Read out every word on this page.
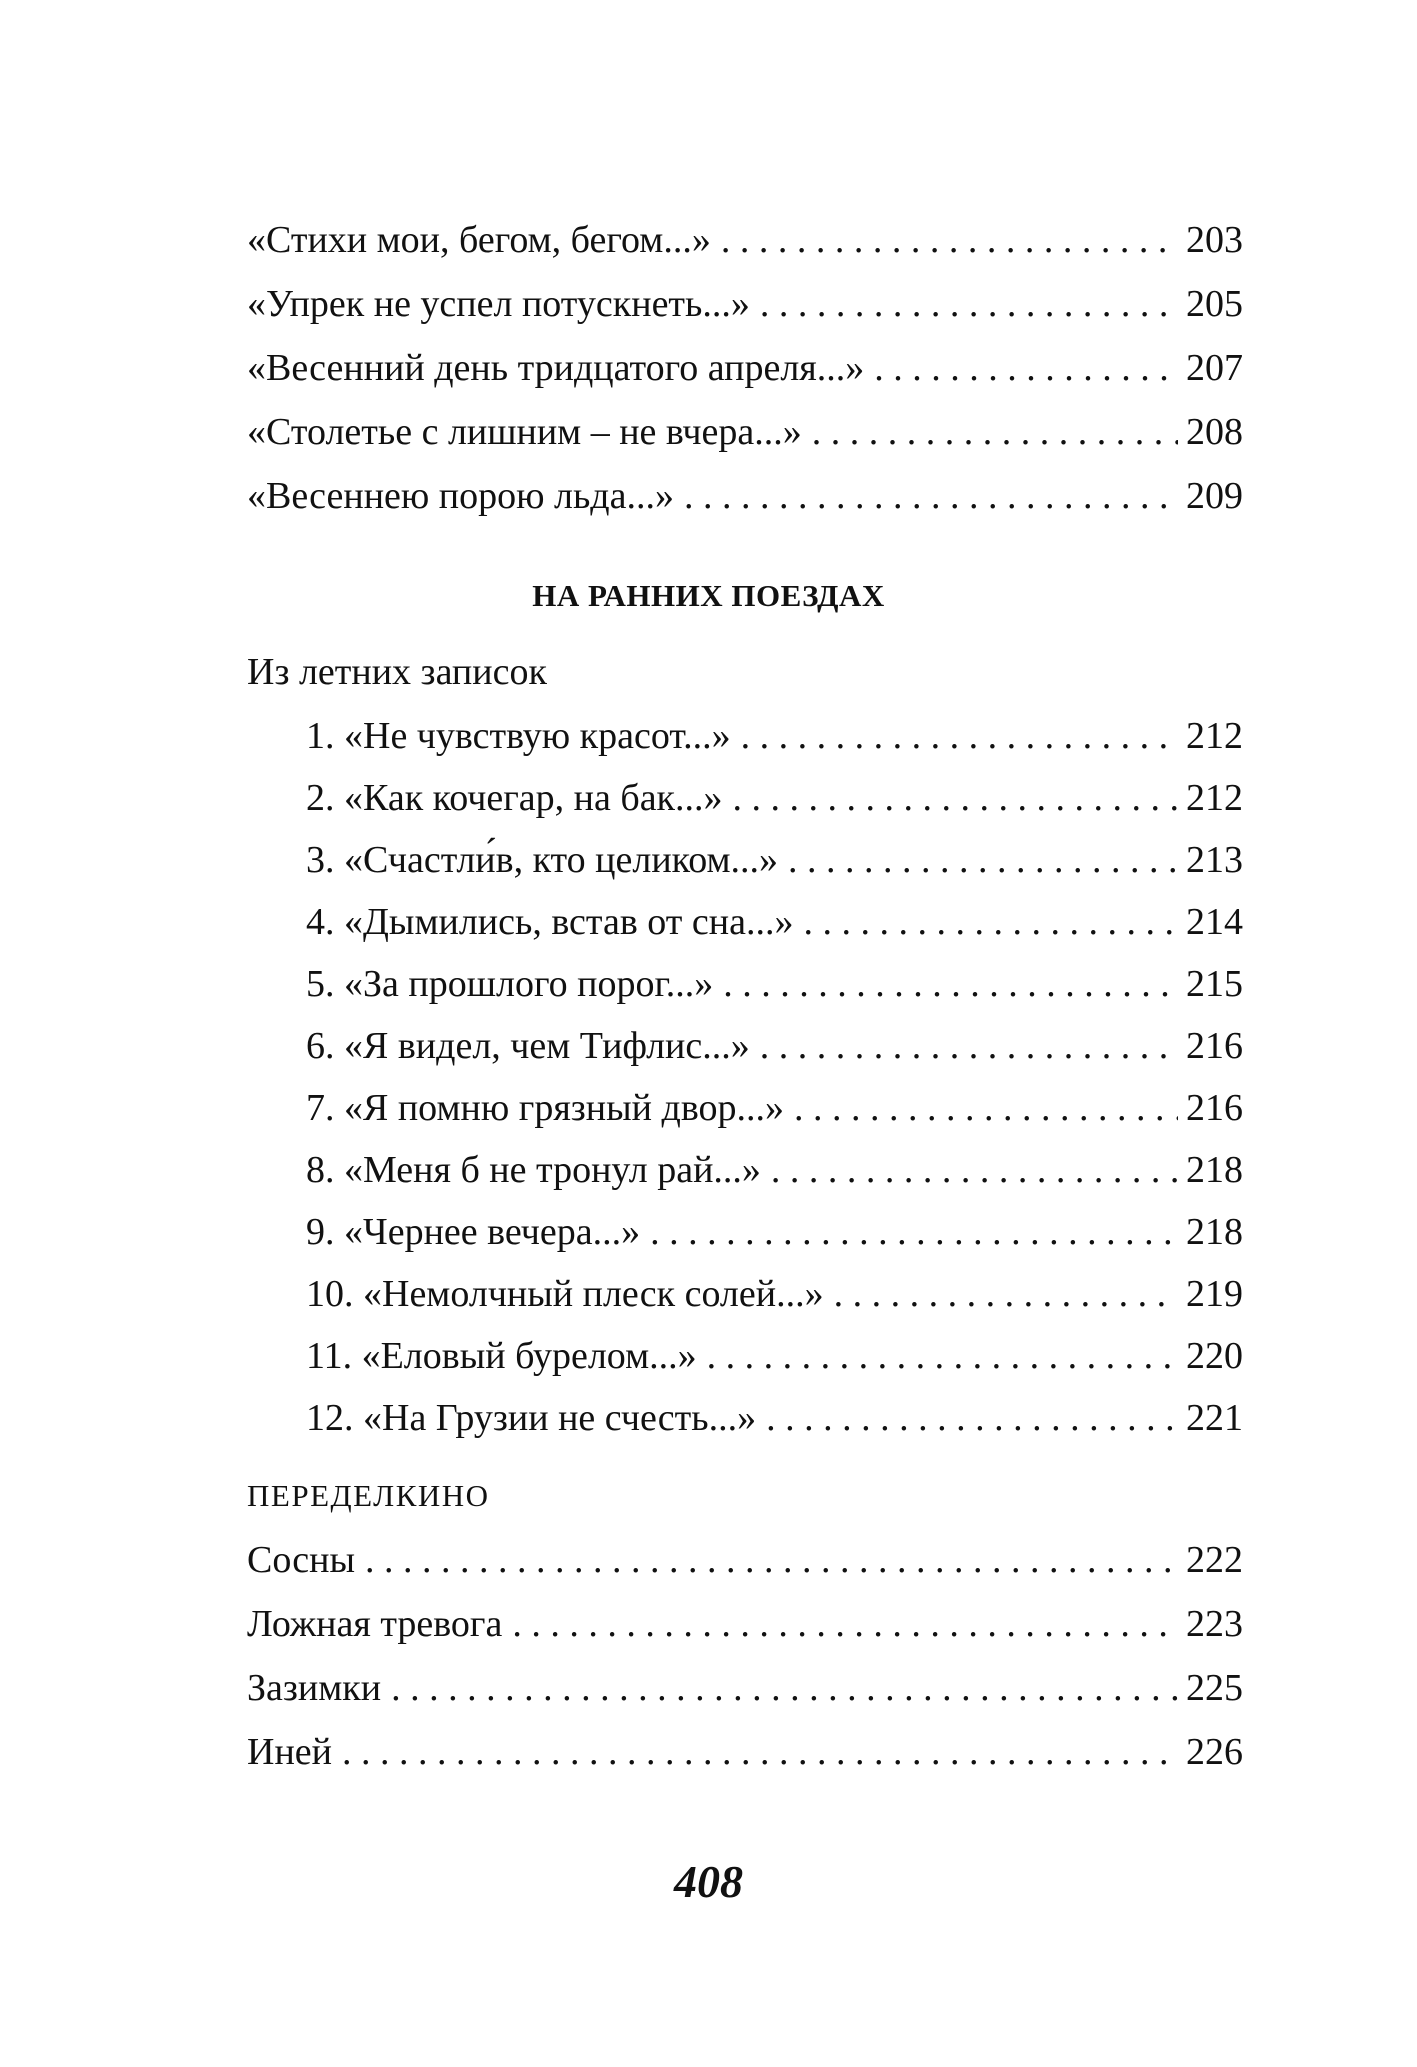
«Стихи мои, бегом, бегом...» . . .	203
«Упрек не успел потускнеть...» . . .	205
«Весенний день тридцатого апреля...» . . .	207
«Столетье с лишним – не вчера...» . . .	208
«Весеннею порою льда...» . . .	209
НА РАННИХ ПОЕЗДАХ
Из летних записок
1. «Не чувствую красот...» . . .	212
2. «Как кочегар, на бак...» . . .	212
3. «Счастли́в, кто целиком...» . . .	213
4. «Дымились, встав от сна...» . . .	214
5. «За прошлого порог...» . . .	215
6. «Я видел, чем Тифлис...» . . .	216
7. «Я помню грязный двор...» . . .	216
8. «Меня б не тронул рай...» . . .	218
9. «Чернее вечера...» . . .	218
10. «Немолчный плеск солей...» . . .	219
11. «Еловый бурелом...» . . .	220
12. «На Грузии не счесть...» . . .	221
ПЕРЕДЕЛКИНО
Сосны . . .	222
Ложная тревога . . .	223
Зазимки . . .	225
Иней . . .	226
408
